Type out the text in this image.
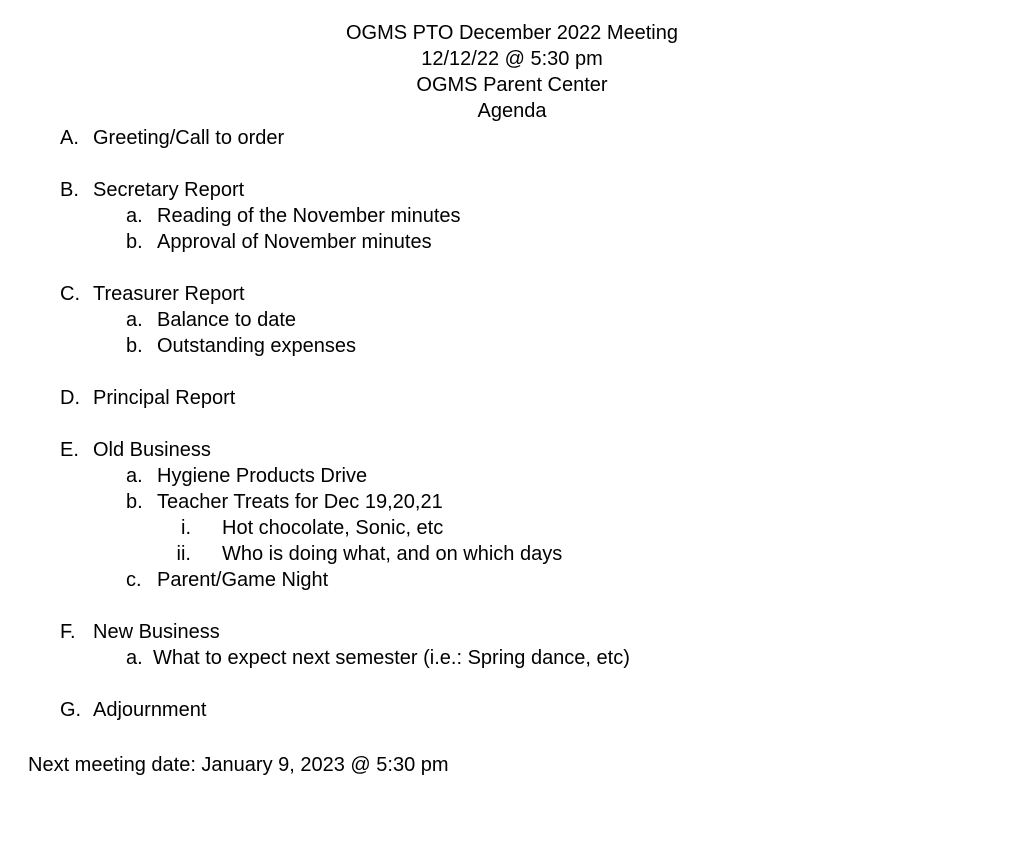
OGMS PTO December 2022 Meeting
12/12/22 @ 5:30 pm
OGMS Parent Center
Agenda
A. Greeting/Call to order
B. Secretary Report
a. Reading of the November minutes
b. Approval of November minutes
C. Treasurer Report
a. Balance to date
b. Outstanding expenses
D. Principal Report
E. Old Business
a. Hygiene Products Drive
b. Teacher Treats for Dec 19,20,21
i. Hot chocolate, Sonic, etc
ii. Who is doing what, and on which days
c. Parent/Game Night
F. New Business
a. What to expect next semester (i.e.: Spring dance, etc)
G. Adjournment
Next meeting date: January 9, 2023 @ 5:30 pm
